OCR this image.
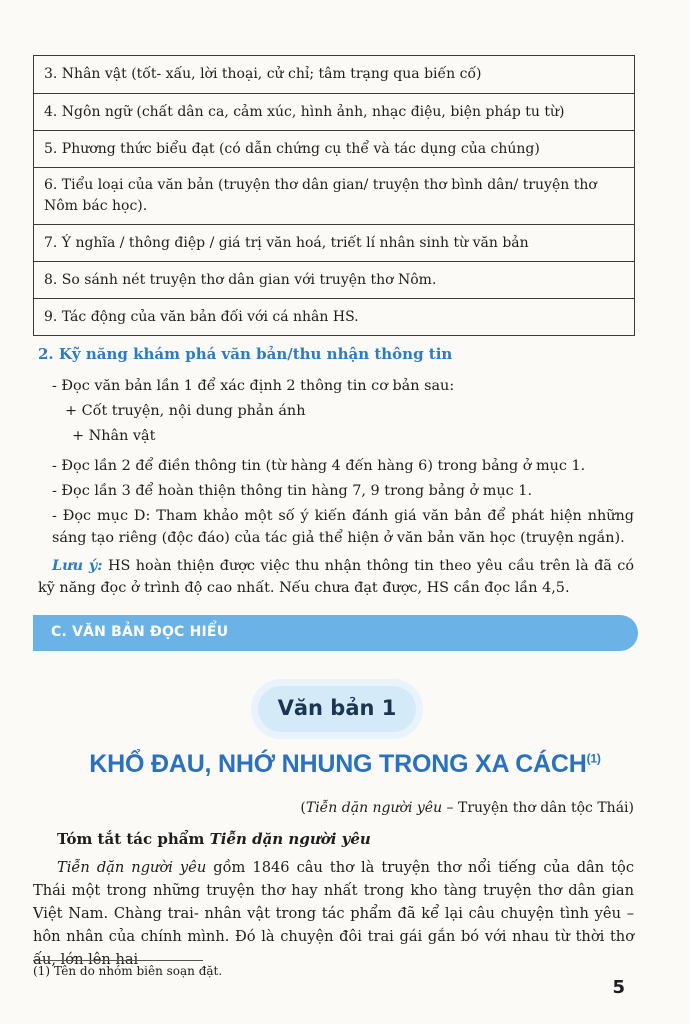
3. Nhân vật (tốt- xấu, lời thoại, cử chỉ; tâm trạng qua biến cố)
4. Ngôn ngữ (chất dân ca, cảm xúc, hình ảnh, nhạc điệu, biện pháp tu từ)
5. Phương thức biểu đạt (có dẫn chứng cụ thể và tác dụng của chúng)
6. Tiểu loại của văn bản (truyện thơ dân gian/ truyện thơ bình dân/ truyện thơ Nôm bác học).
7. Ý nghĩa / thông điệp / giá trị văn hoá, triết lí nhân sinh từ văn bản
8. So sánh nét truyện thơ dân gian với truyện thơ Nôm.
9. Tác động của văn bản đối với cá nhân HS.
2. Kỹ năng khám phá văn bản/thu nhận thông tin
- Đọc văn bản lần 1 để xác định 2 thông tin cơ bản sau:
+ Cốt truyện, nội dung phản ánh
+ Nhân vật
- Đọc lần 2 để điền thông tin (từ hàng 4 đến hàng 6) trong bảng ở mục 1.
- Đọc lần 3 để hoàn thiện thông tin hàng 7, 9 trong bảng ở mục 1.
- Đọc mục D: Tham khảo một số ý kiến đánh giá văn bản để phát hiện những sáng tạo riêng (độc đáo) của tác giả thể hiện ở văn bản văn học (truyện ngắn).
Lưu ý: HS hoàn thiện được việc thu nhận thông tin theo yêu cầu trên là đã có kỹ năng đọc ở trình độ cao nhất. Nếu chưa đạt được, HS cần đọc lần 4,5.
C. VĂN BẢN ĐỌC HIỂU
Văn bản 1
KHỔ ĐAU, NHỚ NHUNG TRONG XA CÁCH$^{(1)}$
(Tiễn dặn người yêu – Truyện thơ dân tộc Thái)
Tóm tắt tác phẩm Tiễn dặn người yêu
Tiễn dặn người yêu gồm 1846 câu thơ là truyện thơ nổi tiếng của dân tộc Thái một trong những truyện thơ hay nhất trong kho tàng truyện thơ dân gian Việt Nam. Chàng trai- nhân vật trong tác phẩm đã kể lại câu chuyện tình yêu – hôn nhân của chính mình. Đó là chuyện đôi trai gái gắn bó với nhau từ thời thơ ấu, lớn lên hai
(1) Tên do nhóm biên soạn đặt.
5
